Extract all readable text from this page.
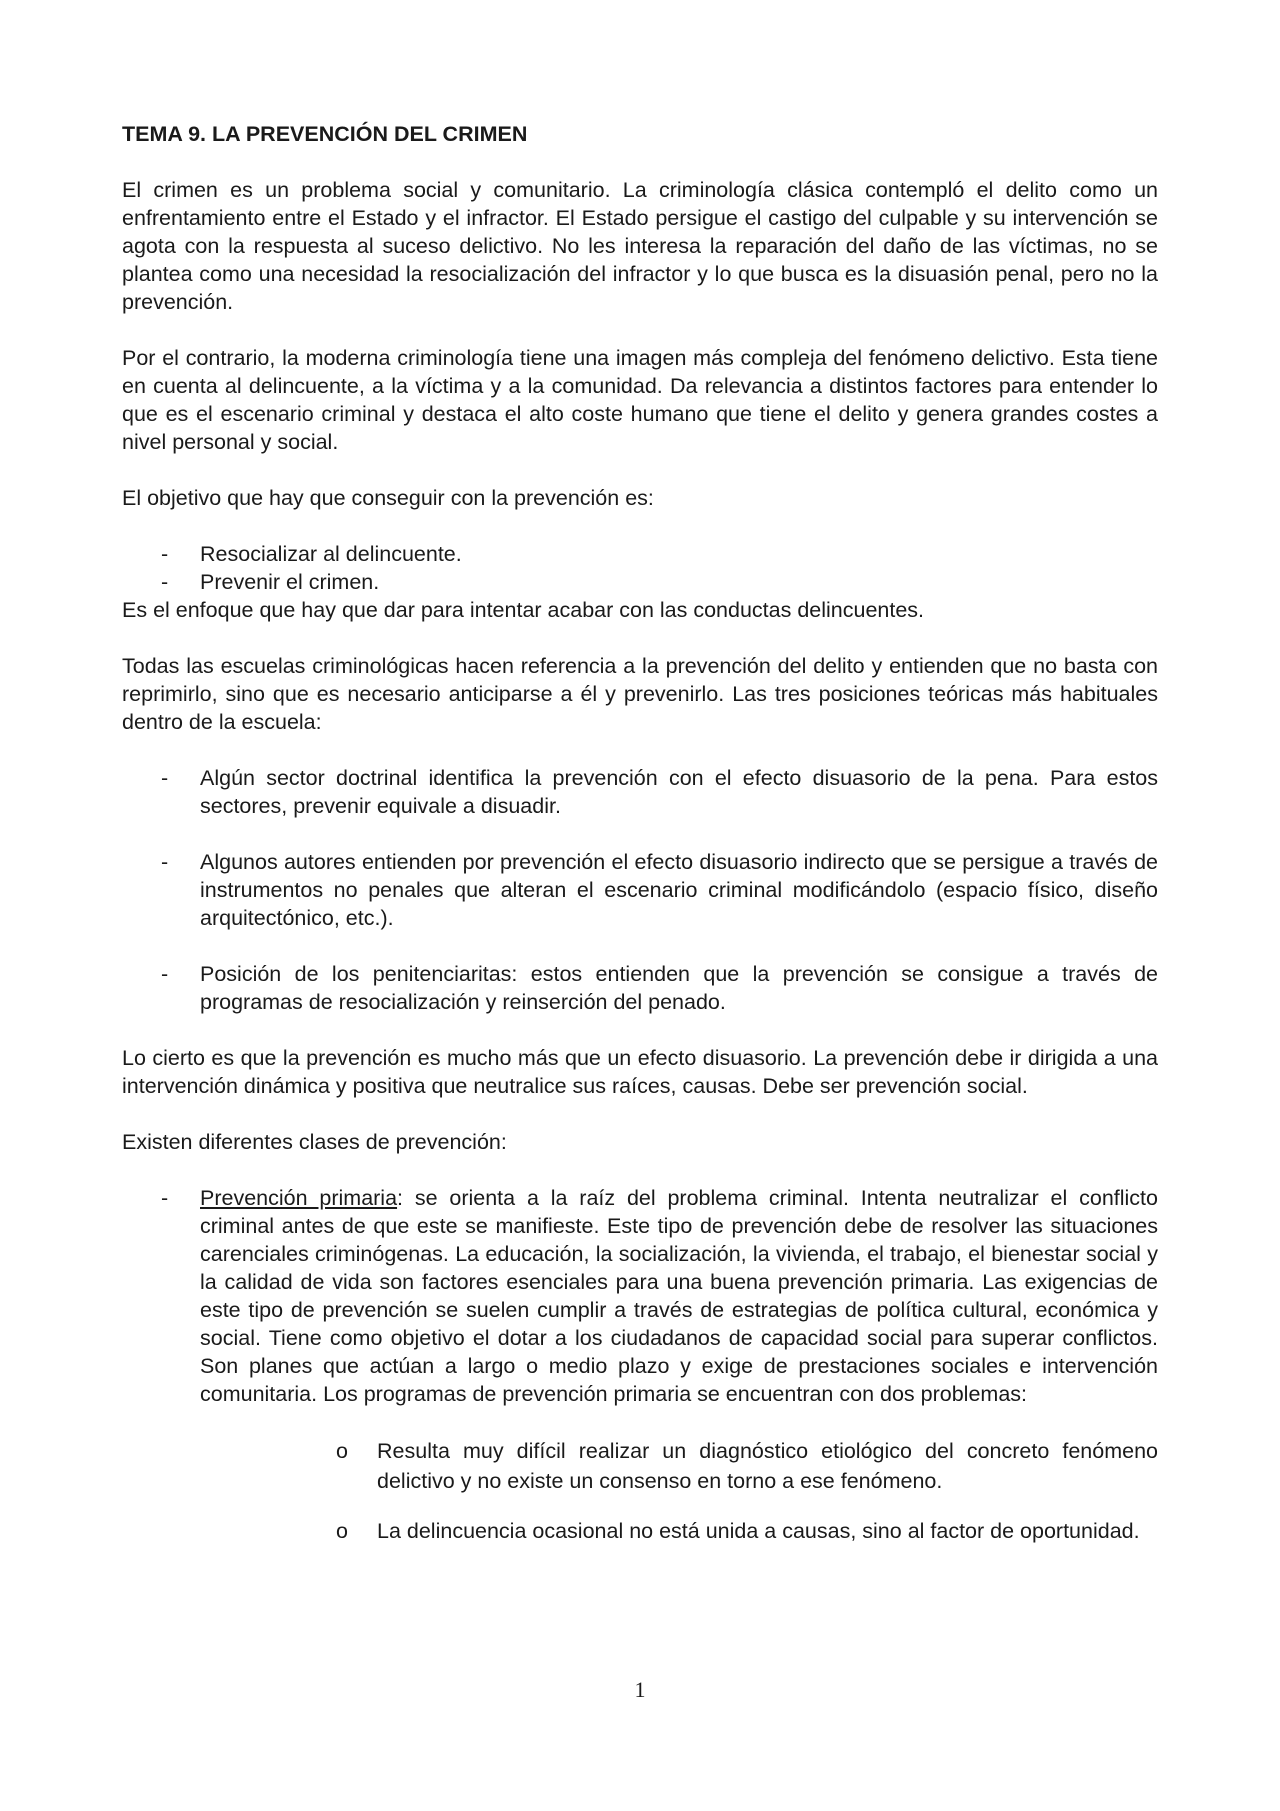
TEMA 9. LA PREVENCIÓN DEL CRIMEN

El crimen es un problema social y comunitario. La criminología clásica contempló el delito como un enfrentamiento entre el Estado y el infractor. El Estado persigue el castigo del culpable y su intervención se agota con la respuesta al suceso delictivo. No les interesa la reparación del daño de las víctimas, no se plantea como una necesidad la resocialización del infractor y lo que busca es la disuasión penal, pero no la prevención.

Por el contrario, la moderna criminología tiene una imagen más compleja del fenómeno delictivo. Esta tiene en cuenta al delincuente, a la víctima y a la comunidad. Da relevancia a distintos factores para entender lo que es el escenario criminal y destaca el alto coste humano que tiene el delito y genera grandes costes a nivel personal y social.

El objetivo que hay que conseguir con la prevención es:

- Resocializar al delincuente.
- Prevenir el crimen.

Es el enfoque que hay que dar para intentar acabar con las conductas delincuentes.

Todas las escuelas criminológicas hacen referencia a la prevención del delito y entienden que no basta con reprimirlo, sino que es necesario anticiparse a él y prevenirlo. Las tres posiciones teóricas más habituales dentro de la escuela:

- Algún sector doctrinal identifica la prevención con el efecto disuasorio de la pena. Para estos sectores, prevenir equivale a disuadir.
- Algunos autores entienden por prevención el efecto disuasorio indirecto que se persigue a través de instrumentos no penales que alteran el escenario criminal modificándolo (espacio físico, diseño arquitectónico, etc.).
- Posición de los penitenciaritas: estos entienden que la prevención se consigue a través de programas de resocialización y reinserción del penado.

Lo cierto es que la prevención es mucho más que un efecto disuasorio. La prevención debe ir dirigida a una intervención dinámica y positiva que neutralice sus raíces, causas. Debe ser prevención social.

Existen diferentes clases de prevención:

- Prevención primaria: se orienta a la raíz del problema criminal. Intenta neutralizar el conflicto criminal antes de que este se manifieste. Este tipo de prevención debe de resolver las situaciones carenciales criminógenas. La educación, la socialización, la vivienda, el trabajo, el bienestar social y la calidad de vida son factores esenciales para una buena prevención primaria. Las exigencias de este tipo de prevención se suelen cumplir a través de estrategias de política cultural, económica y social. Tiene como objetivo el dotar a los ciudadanos de capacidad social para superar conflictos. Son planes que actúan a largo o medio plazo y exige de prestaciones sociales e intervención comunitaria. Los programas de prevención primaria se encuentran con dos problemas:
o Resulta muy difícil realizar un diagnóstico etiológico del concreto fenómeno delictivo y no existe un consenso en torno a ese fenómeno.
o La delincuencia ocasional no está unida a causas, sino al factor de oportunidad.
1
